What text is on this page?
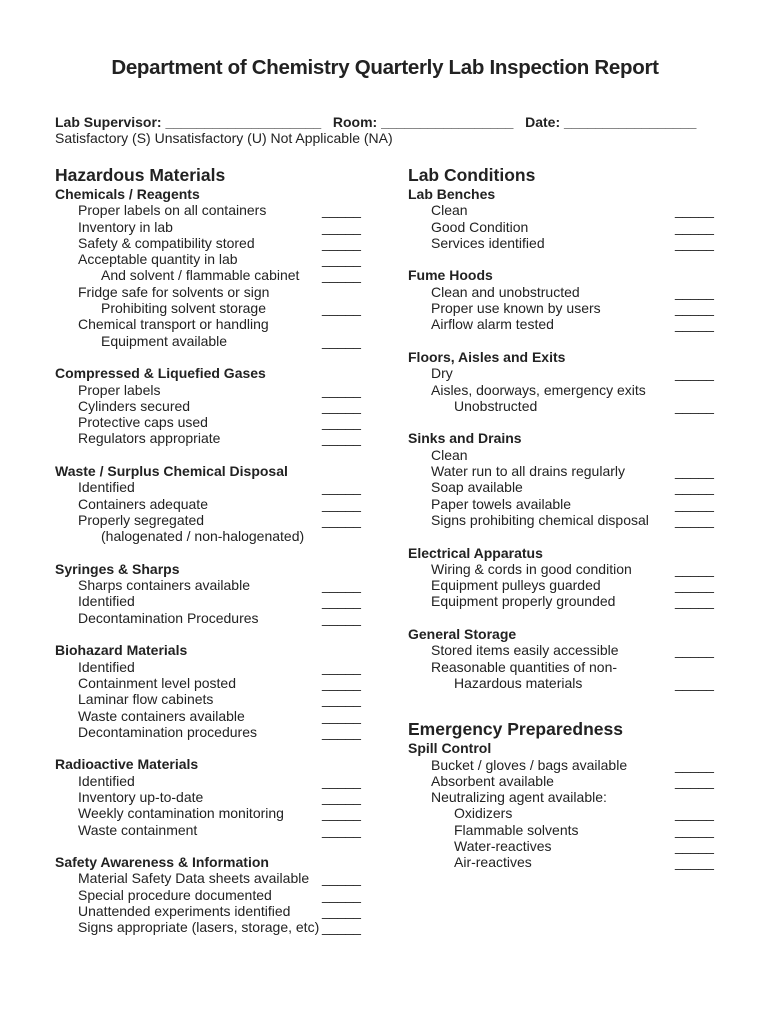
Department of Chemistry Quarterly Lab Inspection Report
Lab Supervisor: ____________________   Room: _________________   Date: _________________
Satisfactory (S) Unsatisfactory (U) Not Applicable (NA)
Hazardous Materials
Chemicals / Reagents
Proper labels on all containers	_____
Inventory in lab	_____
Safety & compatibility stored	_____
Acceptable quantity in lab	_____
And solvent / flammable cabinet _____
Fridge safe for solvents or sign
Prohibiting solvent storage	_____
Chemical transport or handling
Equipment available	_____
Compressed & Liquefied Gases
Proper labels	_____
Cylinders secured	_____
Protective caps used	_____
Regulators appropriate	_____
Waste / Surplus Chemical Disposal
Identified	_____
Containers adequate	_____
Properly segregated	_____
(halogenated / non-halogenated)
Syringes & Sharps
Sharps containers available	_____
Identified	_____
Decontamination Procedures	_____
Biohazard Materials
Identified	_____
Containment level posted	_____
Laminar flow cabinets	_____
Waste containers available	_____
Decontamination procedures	_____
Radioactive Materials
Identified	_____
Inventory up-to-date	_____
Weekly contamination monitoring	_____
Waste containment	_____
Safety Awareness & Information
Material Safety Data sheets available _____
Special procedure documented	_____
Unattended experiments identified _____
Signs appropriate (lasers, storage, etc) _____
Lab Conditions
Lab Benches
Clean	_____
Good Condition	_____
Services identified	_____
Fume Hoods
Clean and unobstructed	_____
Proper use known by users	_____
Airflow alarm tested	_____
Floors, Aisles and Exits
Dry	_____
Aisles, doorways, emergency exits
Unobstructed	_____
Sinks and Drains
Clean
Water run to all drains regularly	_____
Soap available	_____
Paper towels available	_____
Signs prohibiting chemical disposal _____
Electrical Apparatus
Wiring & cords in good condition	_____
Equipment pulleys guarded	_____
Equipment properly grounded	_____
General Storage
Stored items easily accessible	_____
Reasonable quantities of non-
Hazardous materials	_____
Emergency Preparedness
Spill Control
Bucket / gloves / bags available	_____
Absorbent available	_____
Neutralizing agent available:
Oxidizers	_____
Flammable solvents	_____
Water-reactives	_____
Air-reactives	_____
